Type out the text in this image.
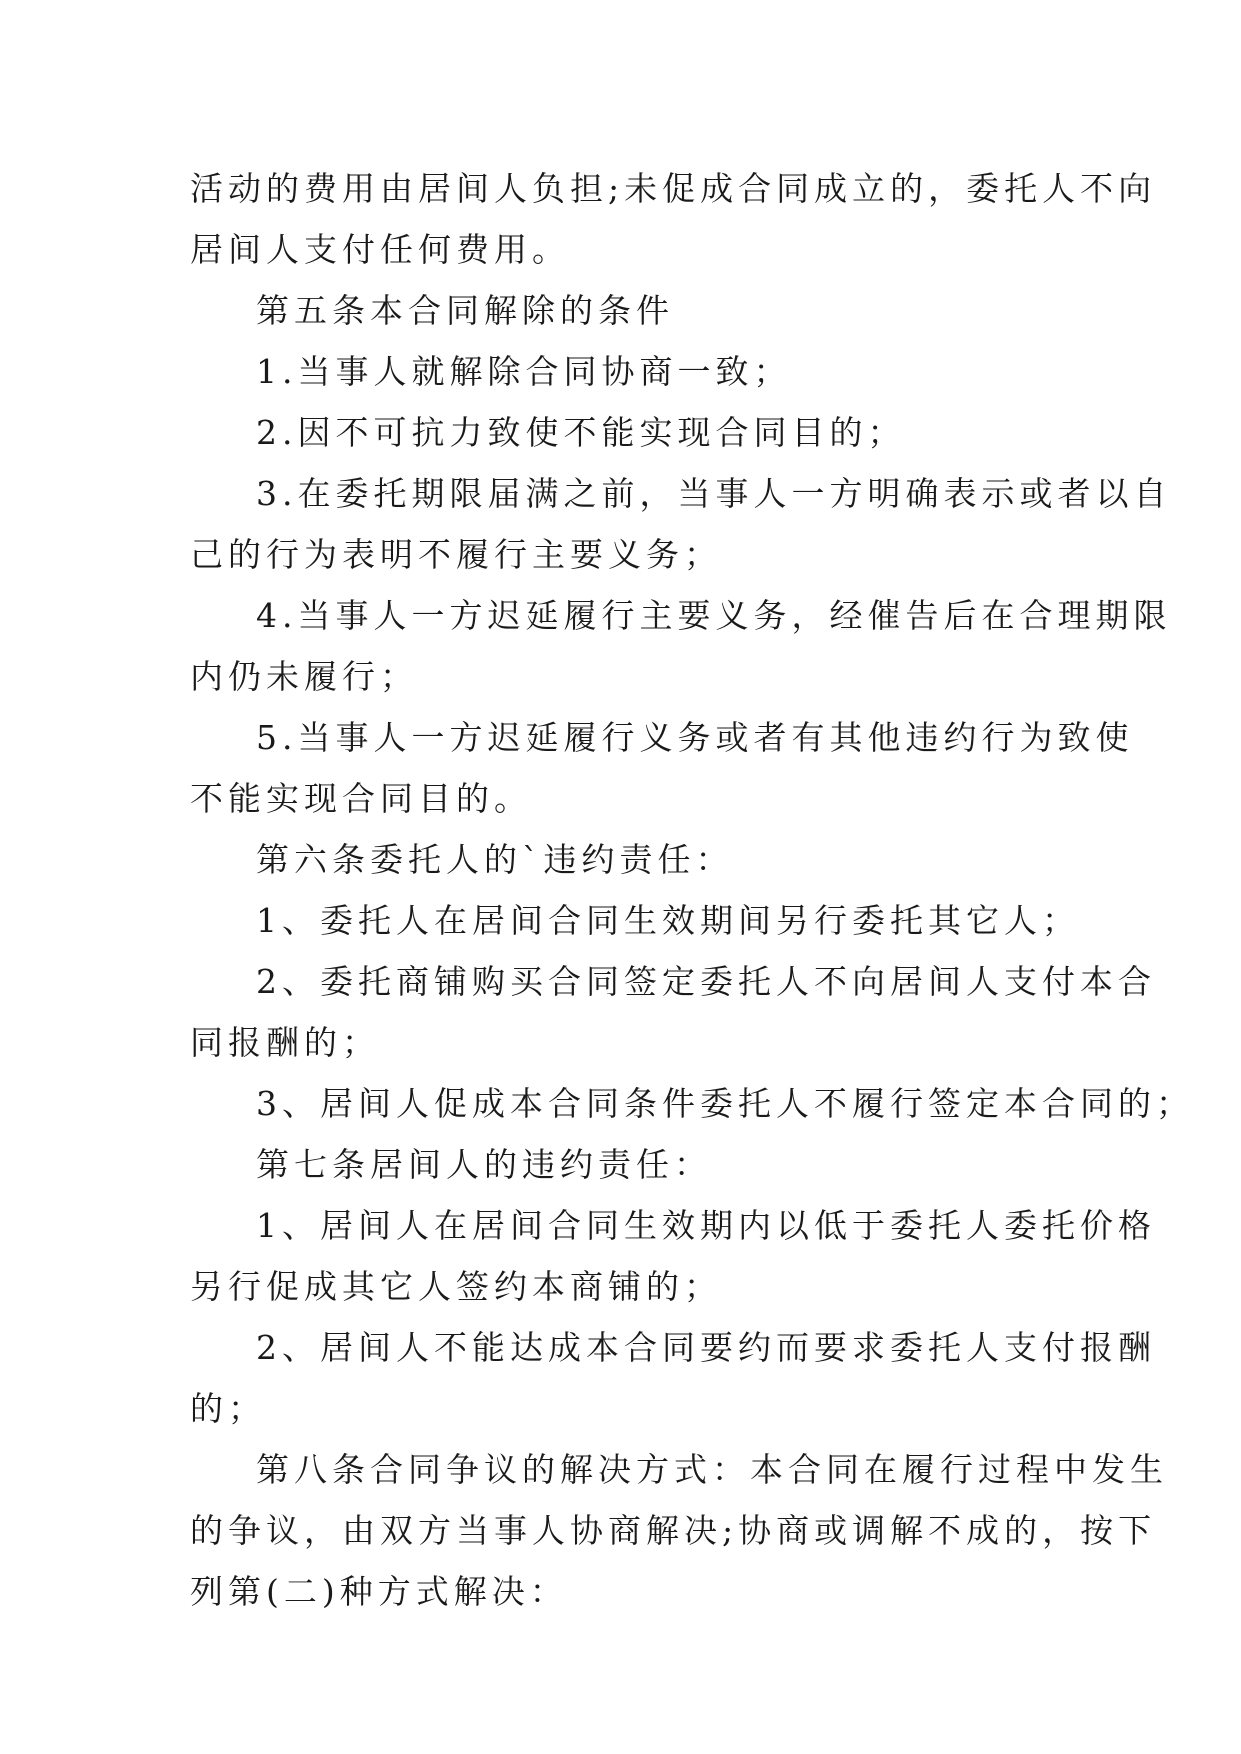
活动的费用由居间人负担;未促成合同成立的，委托人不向
居间人支付任何费用。
第五条本合同解除的条件
1.当事人就解除合同协商一致；
2.因不可抗力致使不能实现合同目的；
3.在委托期限届满之前，当事人一方明确表示或者以自
己的行为表明不履行主要义务；
4.当事人一方迟延履行主要义务，经催告后在合理期限
内仍未履行；
5.当事人一方迟延履行义务或者有其他违约行为致使
不能实现合同目的。
第六条委托人的`违约责任：
1、委托人在居间合同生效期间另行委托其它人；
2、委托商铺购买合同签定委托人不向居间人支付本合
同报酬的；
3、居间人促成本合同条件委托人不履行签定本合同的；
第七条居间人的违约责任：
1、居间人在居间合同生效期内以低于委托人委托价格
另行促成其它人签约本商铺的；
2、居间人不能达成本合同要约而要求委托人支付报酬
的；
第八条合同争议的解决方式：本合同在履行过程中发生
的争议，由双方当事人协商解决;协商或调解不成的，按下
列第(二)种方式解决：
